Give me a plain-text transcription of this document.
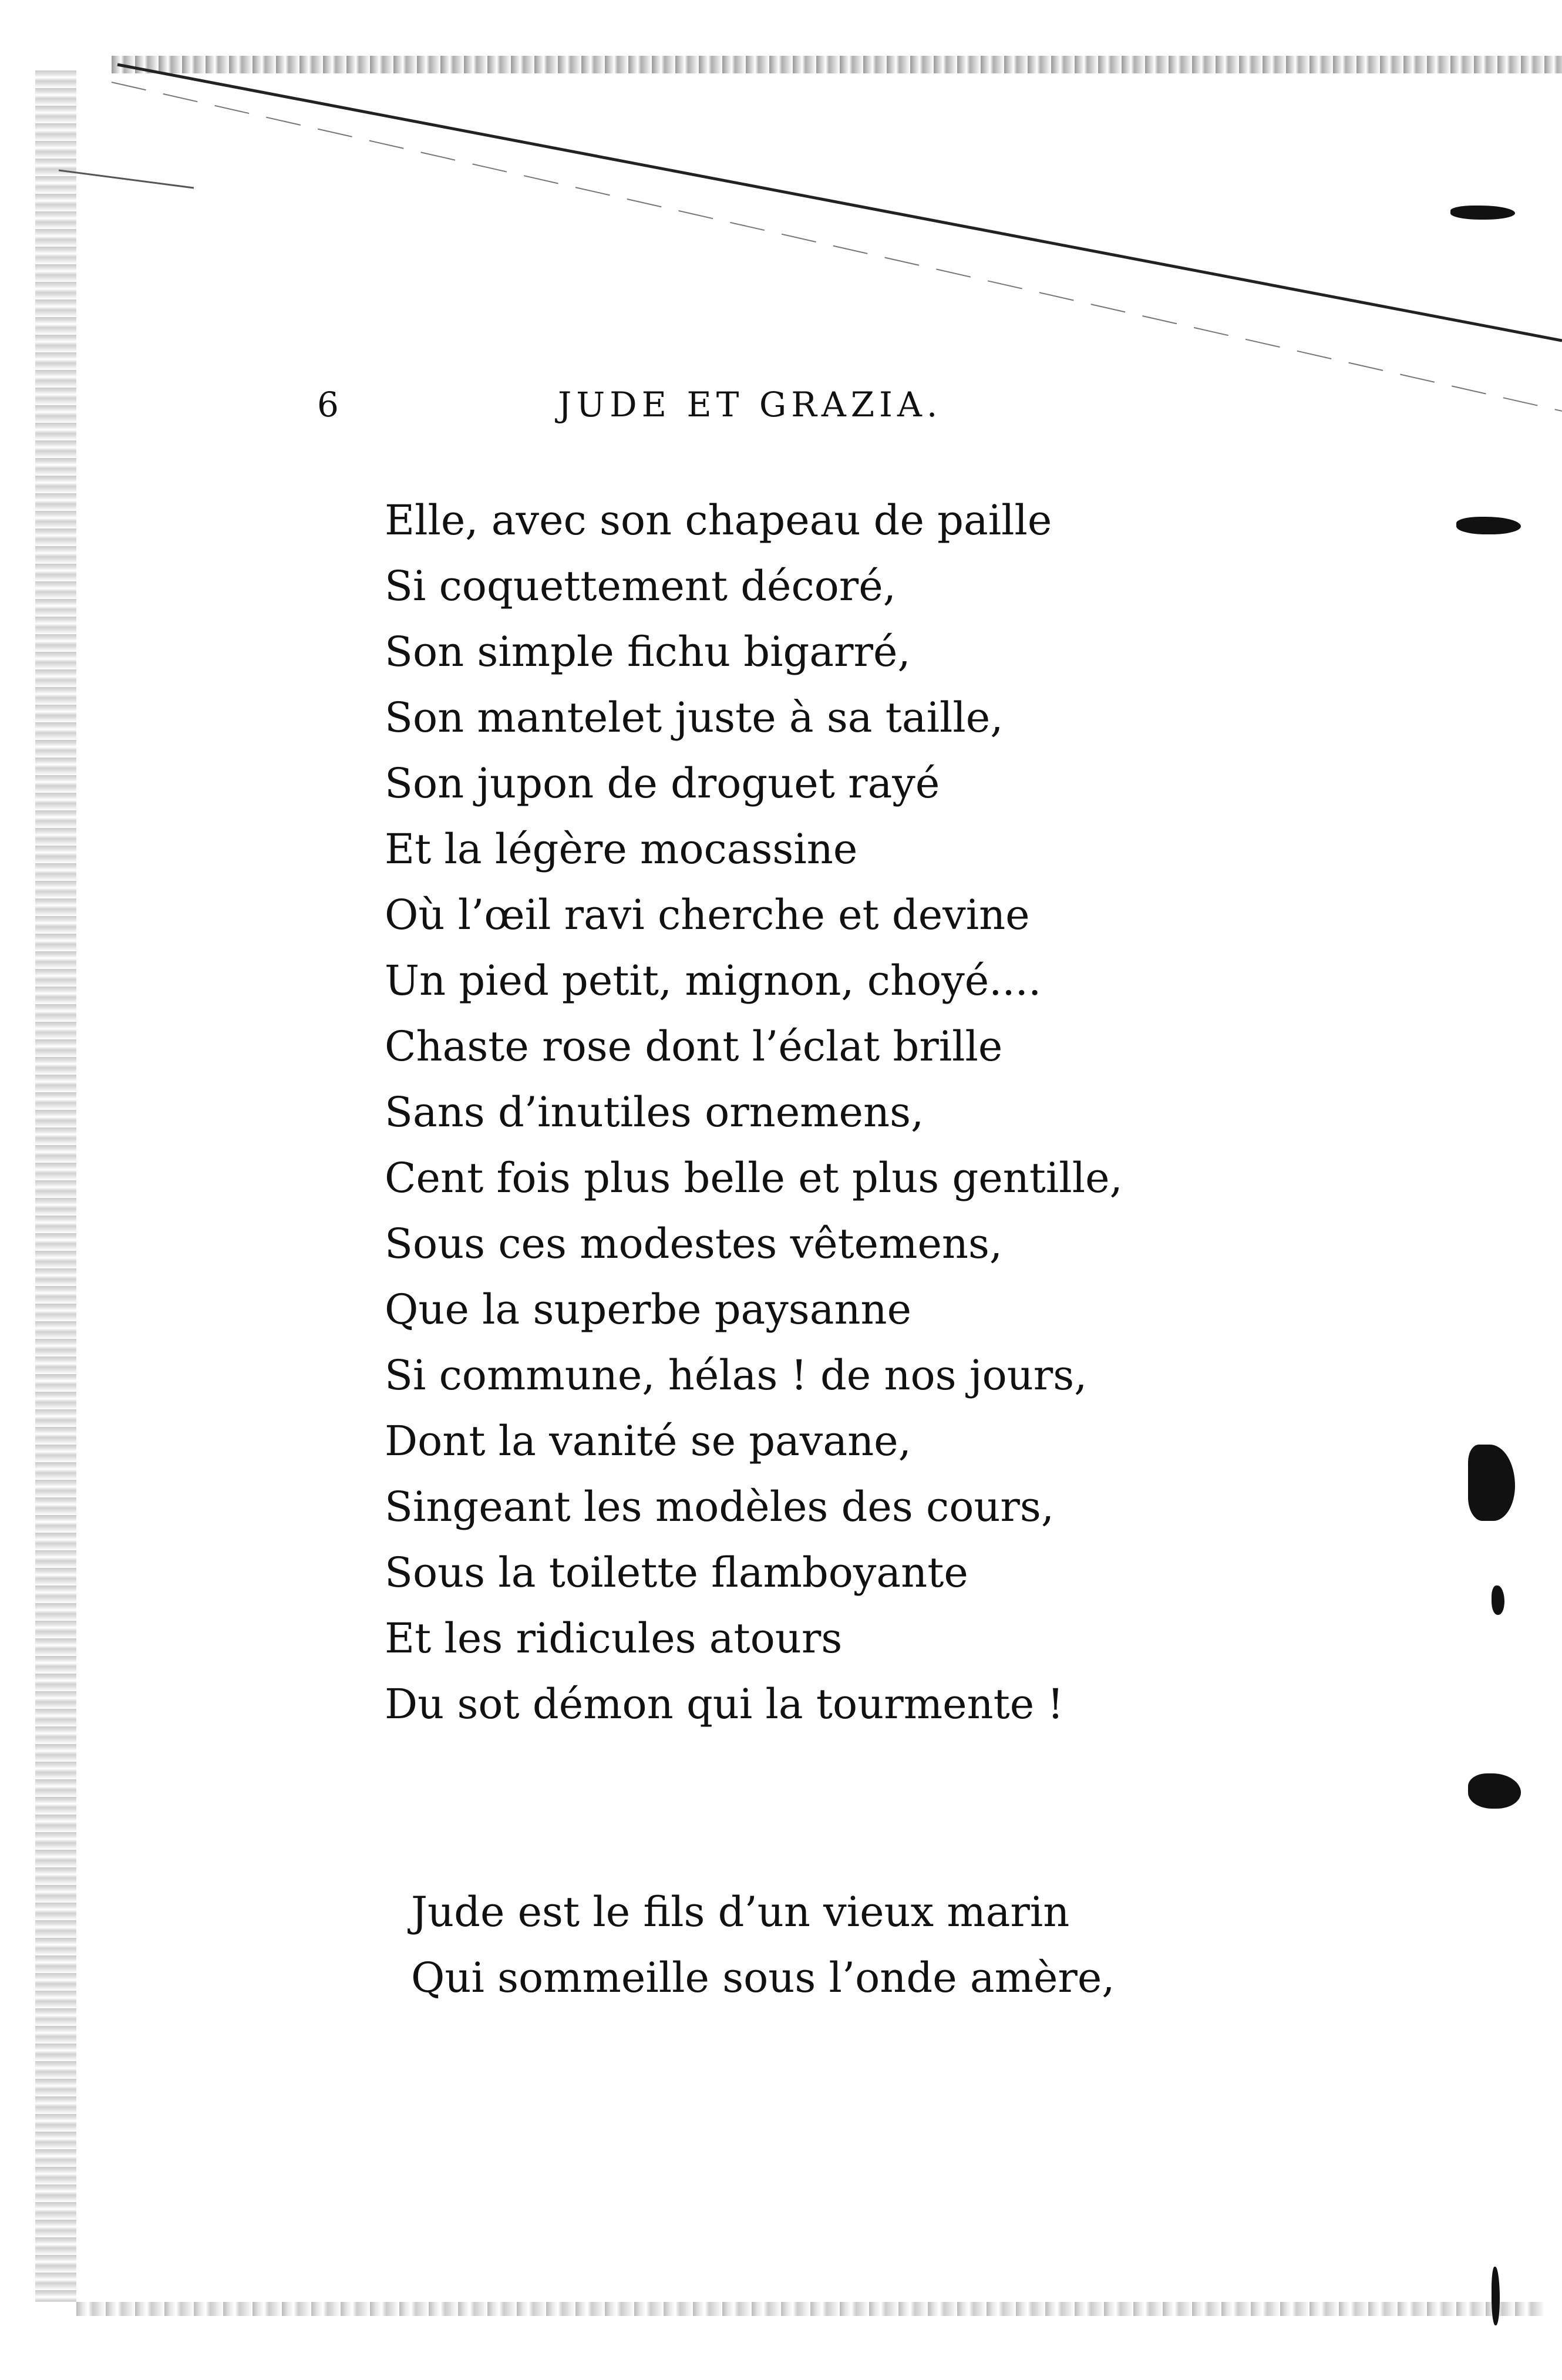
6	JUDE ET GRAZIA.
Elle, avec son chapeau de paille
Si coquettement décoré,
Son simple fichu bigarré,
Son mantelet juste à sa taille,
Son jupon de droguet rayé
Et la légère mocassine
Où l’œil ravi cherche et devine
Un pied petit, mignon, choyé....
Chaste rose dont l’éclat brille
Sans d’inutiles ornemens,
Cent fois plus belle et plus gentille,
Sous ces modestes vêtemens,
Que la superbe paysanne
Si commune, hélas ! de nos jours,
Dont la vanité se pavane,
Singeant les modèles des cours,
Sous la toilette flamboyante
Et les ridicules atours
Du sot démon qui la tourmente !
Jude est le fils d’un vieux marin
Qui sommeille sous l’onde amère,
